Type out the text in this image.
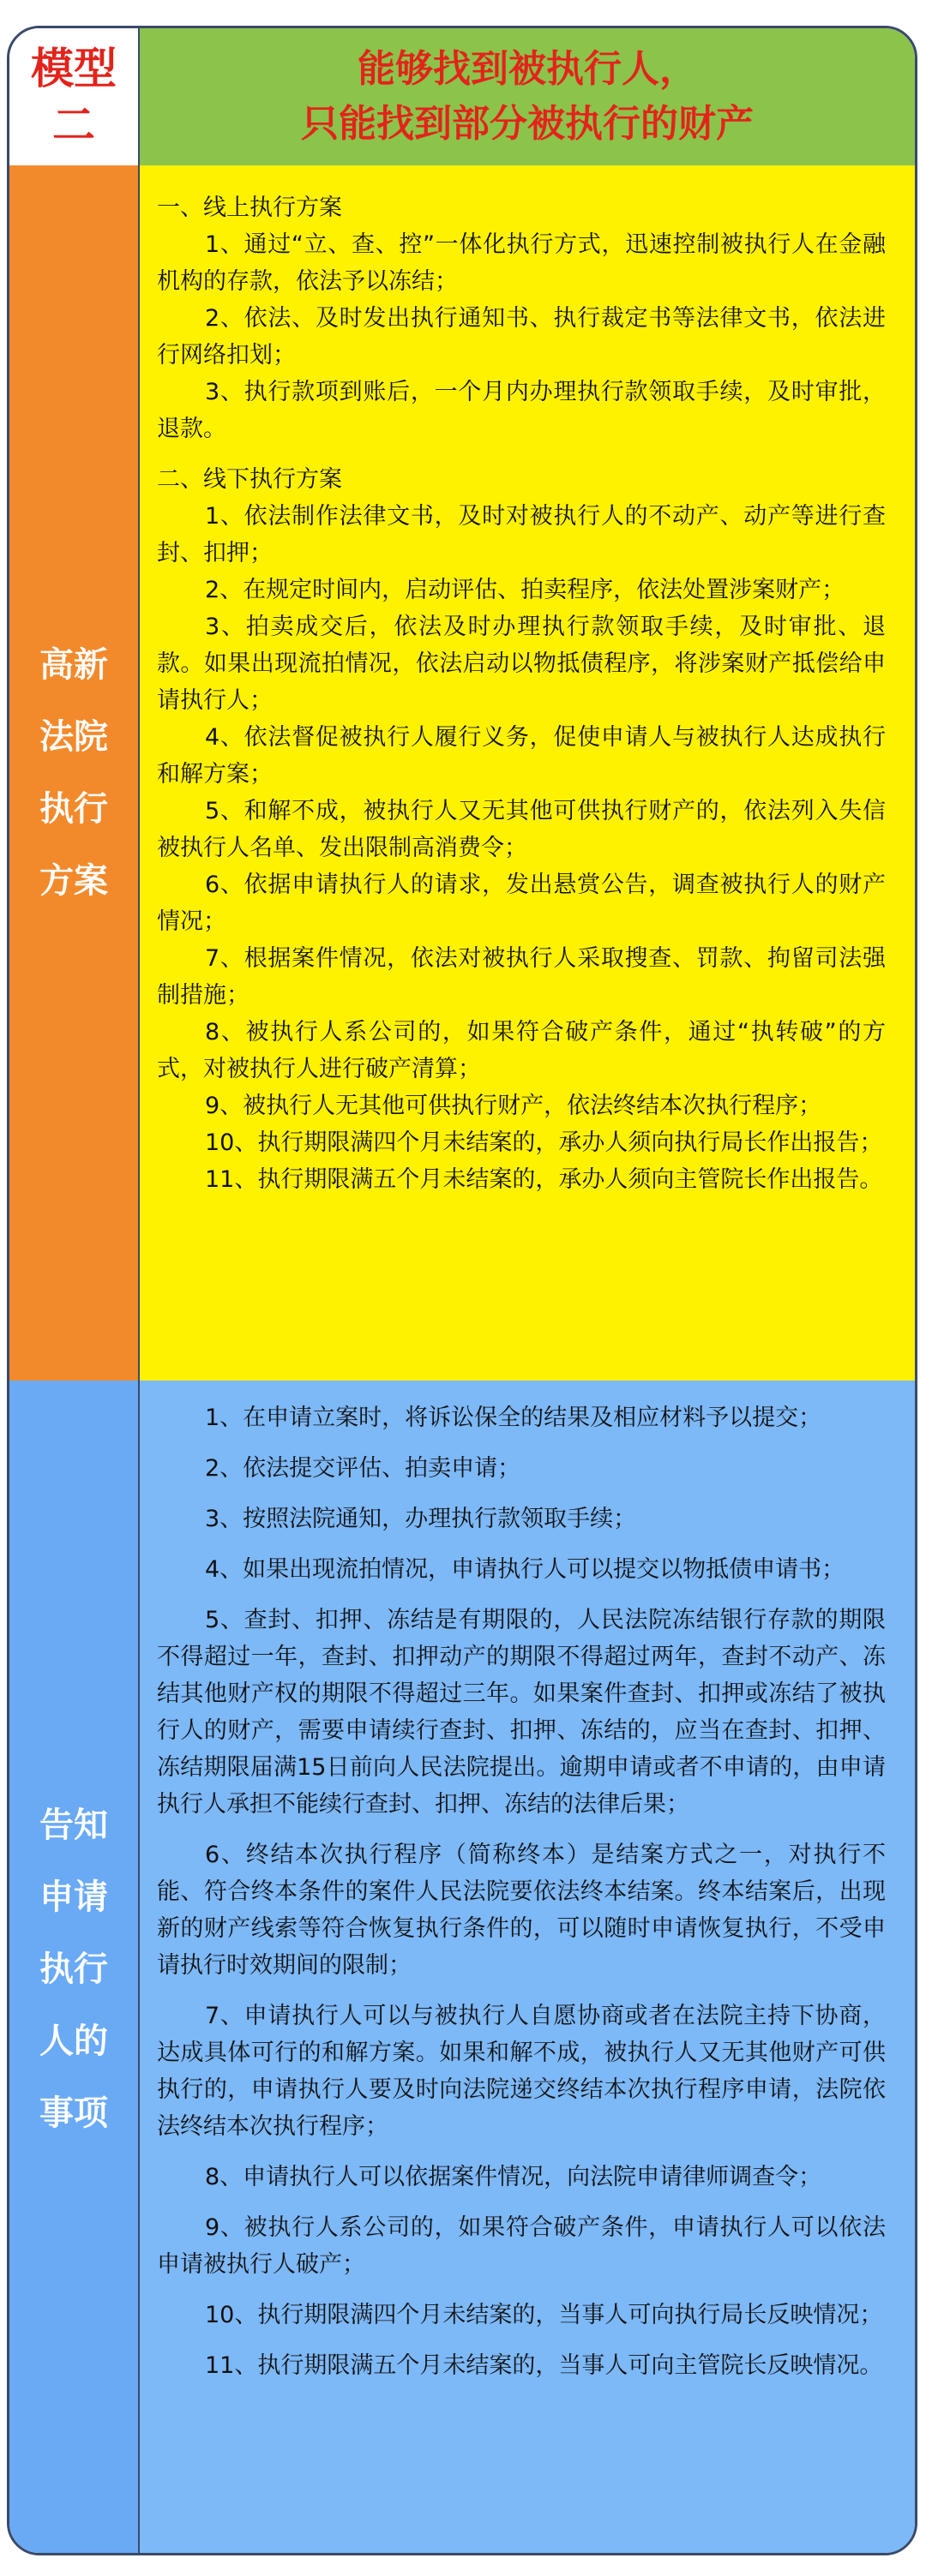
模型二
能够找到被执行人，
只能找到部分被执行的财产
高新法院执行方案
一、线上执行方案

1、通过“立、查、控”一体化执行方式，迅速控制被执行人在金融机构的存款，依法予以冻结；

2、依法、及时发出执行通知书、执行裁定书等法律文书，依法进行网络扣划；

3、执行款项到账后，一个月内办理执行款领取手续，及时审批，退款。

二、线下执行方案

1、依法制作法律文书，及时对被执行人的不动产、动产等进行查封、扣押；

2、在规定时间内，启动评估、拍卖程序，依法处置涉案财产；

3、拍卖成交后，依法及时办理执行款领取手续，及时审批、退款。如果出现流拍情况，依法启动以物抵债程序，将涉案财产抵偿给申请执行人；

4、依法督促被执行人履行义务，促使申请人与被执行人达成执行和解方案；

5、和解不成，被执行人又无其他可供执行财产的，依法列入失信被执行人名单、发出限制高消费令；

6、依据申请执行人的请求，发出悬赏公告，调查被执行人的财产情况；

7、根据案件情况，依法对被执行人采取搜查、罚款、拘留司法强制措施；

8、被执行人系公司的，如果符合破产条件，通过“执转破”的方式，对被执行人进行破产清算；

9、被执行人无其他可供执行财产，依法终结本次执行程序；

10、执行期限满四个月未结案的，承办人须向执行局长作出报告；

11、执行期限满五个月未结案的，承办人须向主管院长作出报告。

告知申请执行人的事项

1、在申请立案时，将诉讼保全的结果及相应材料予以提交；

2、依法提交评估、拍卖申请；

3、按照法院通知，办理执行款领取手续；

4、如果出现流拍情况，申请执行人可以提交以物抵债申请书；

5、查封、扣押、冻结是有期限的，人民法院冻结银行存款的期限不得超过一年，查封、扣押动产的期限不得超过两年，查封不动产、冻结其他财产权的期限不得超过三年。如果案件查封、扣押或冻结了被执行人的财产，需要申请续行查封、扣押、冻结的，应当在查封、扣押、冻结期限届满15日前向人民法院提出。逾期申请或者不申请的，由申请执行人承担不能续行查封、扣押、冻结的法律后果；

6、终结本次执行程序（简称终本）是结案方式之一，对执行不能、符合终本条件的案件人民法院要依法终本结案。终本结案后，出现新的财产线索等符合恢复执行条件的，可以随时申请恢复执行，不受申请执行时效期间的限制；

7、申请执行人可以与被执行人自愿协商或者在法院主持下协商，达成具体可行的和解方案。如果和解不成，被执行人又无其他财产可供执行的，申请执行人要及时向法院递交终结本次执行程序申请，法院依法终结本次执行程序；

8、申请执行人可以依据案件情况，向法院申请律师调查令；

9、被执行人系公司的，如果符合破产条件，申请执行人可以依法申请被执行人破产；

10、执行期限满四个月未结案的，当事人可向执行局长反映情况；

11、执行期限满五个月未结案的，当事人可向主管院长反映情况。
